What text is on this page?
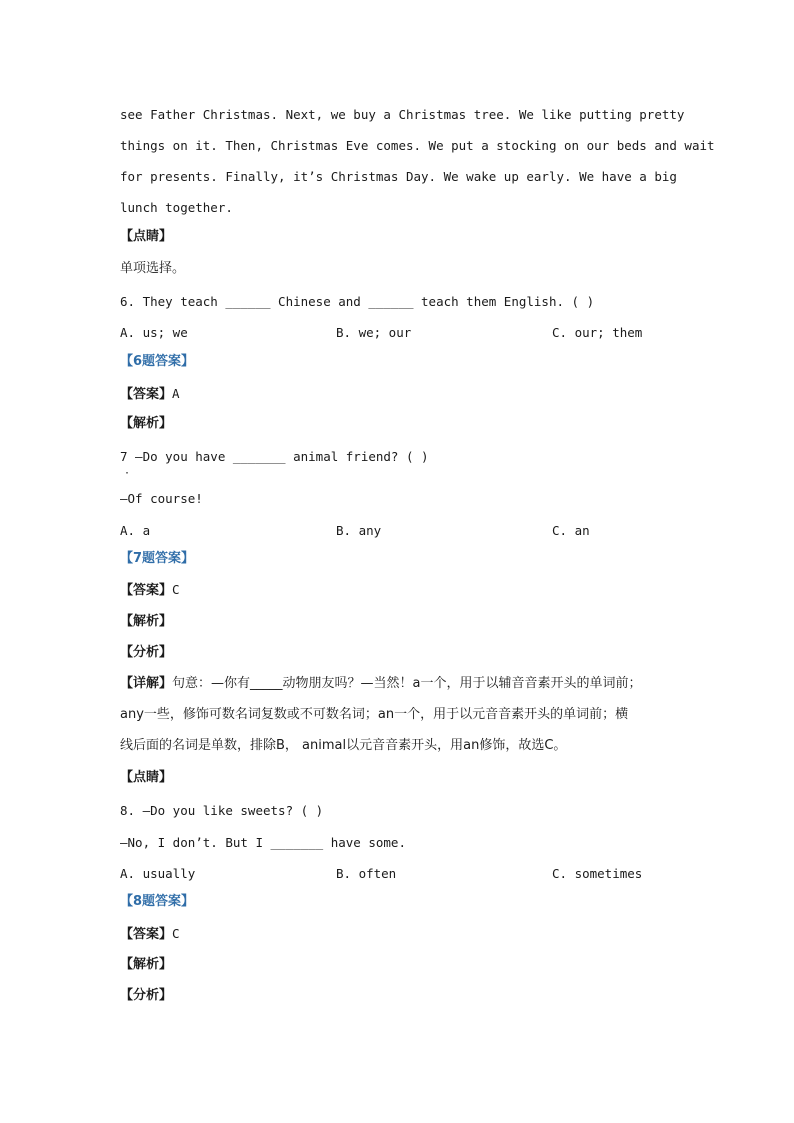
see Father Christmas. Next, we buy a Christmas tree. We like putting pretty
things on it. Then, Christmas Eve comes. We put a stocking on our beds and wait
for presents. Finally, it’s Christmas Day. We wake up early. We have a big
lunch together.
【点睛】
单项选择。
6. They teach ______ Chinese and ______ teach them English. ( )
A. us; we	B. we; our	C. our; them
【6题答案】
【答案】A
【解析】
7 —Do you have _______ animal friend? ( )
·
—Of course!
A. a	B. any	C. an
【7题答案】
【答案】C
【解析】
【分析】
【详解】句意：—你有_____动物朋友吗？—当然！a一个，用于以辅音音素开头的单词前；
any一些，修饰可数名词复数或不可数名词；an一个，用于以元音音素开头的单词前；横
线后面的名词是单数，排除B， animal以元音音素开头，用an修饰，故选C。
【点睛】
8. —Do you like sweets? ( )
—No, I don’t. But I _______ have some.
A. usually	B. often	C. sometimes
【8题答案】
【答案】C
【解析】
【分析】
